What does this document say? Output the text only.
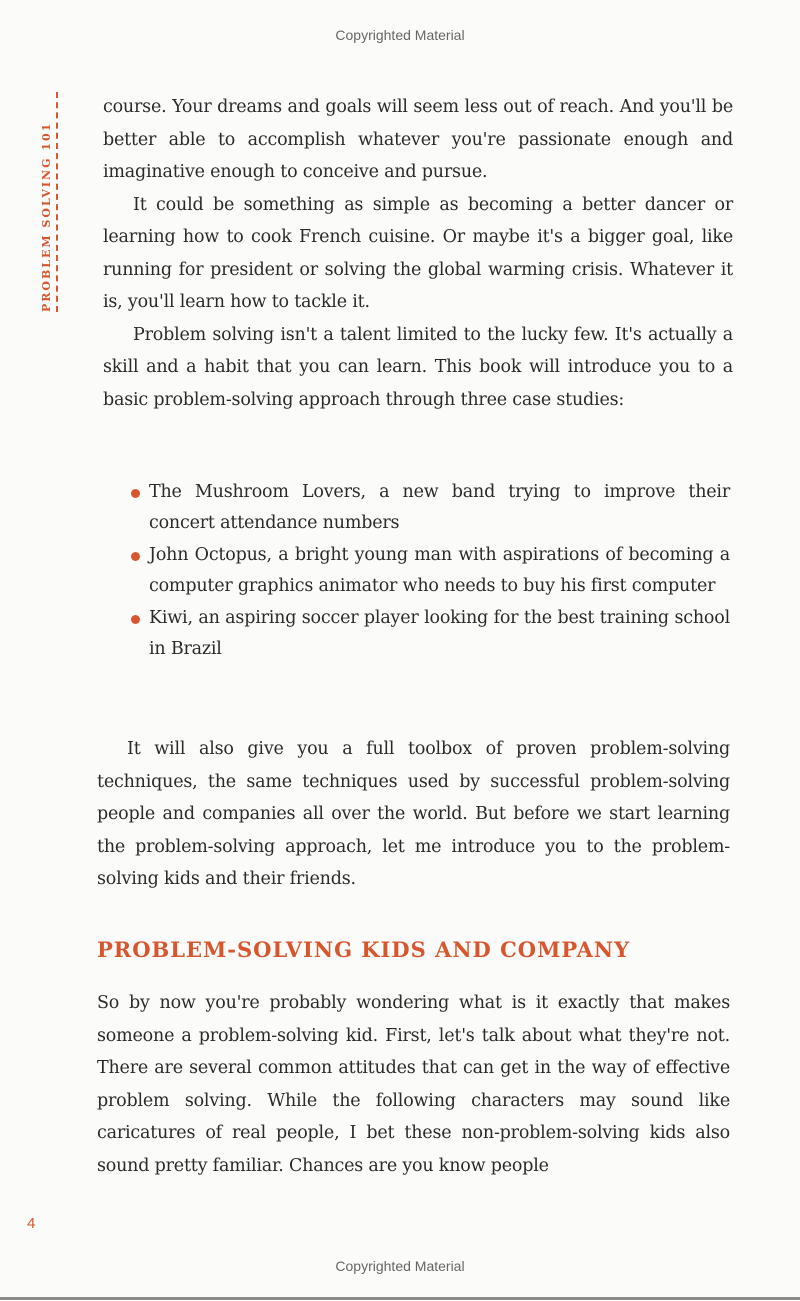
Copyrighted Material
PROBLEM SOLVING 101

course. Your dreams and goals will seem less out of reach. And you'll be better able to accomplish whatever you're passionate enough and imaginative enough to conceive and pursue.

It could be something as simple as becoming a better dancer or learning how to cook French cuisine. Or maybe it's a bigger goal, like running for president or solving the global warming crisis. Whatever it is, you'll learn how to tackle it.

Problem solving isn't a talent limited to the lucky few. It's actually a skill and a habit that you can learn. This book will introduce you to a basic problem-solving approach through three case studies:

The Mushroom Lovers, a new band trying to improve their concert attendance numbers
John Octopus, a bright young man with aspirations of becoming a computer graphics animator who needs to buy his first computer
Kiwi, an aspiring soccer player looking for the best training school in Brazil

It will also give you a full toolbox of proven problem-solving techniques, the same techniques used by successful problem-solving people and companies all over the world. But before we start learning the problem-solving approach, let me introduce you to the problem-solving kids and their friends.

PROBLEM-SOLVING KIDS AND COMPANY

So by now you're probably wondering what is it exactly that makes someone a problem-solving kid. First, let's talk about what they're not. There are several common attitudes that can get in the way of effective problem solving. While the following characters may sound like caricatures of real people, I bet these non-problem-solving kids also sound pretty familiar. Chances are you know people

4
Copyrighted Material
